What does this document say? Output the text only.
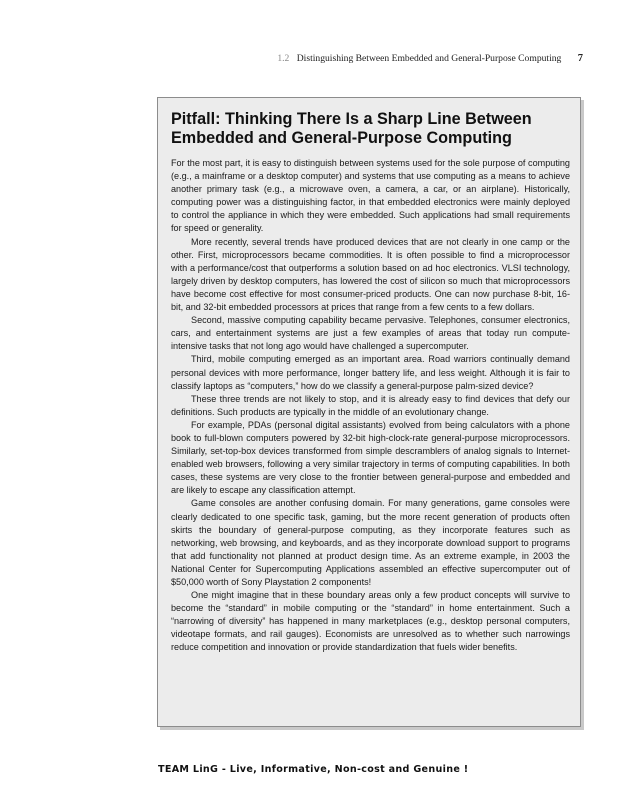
1.2 Distinguishing Between Embedded and General-Purpose Computing 7
Pitfall: Thinking There Is a Sharp Line Between
Embedded and General-Purpose Computing

For the most part, it is easy to distinguish between systems used for the sole purpose of computing (e.g., a mainframe or a desktop computer) and systems that use computing as a means to achieve another primary task (e.g., a microwave oven, a camera, a car, or an airplane). Historically, computing power was a distinguishing factor, in that embedded electronics were mainly deployed to control the appliance in which they were embedded. Such applications had small requirements for speed or generality.

More recently, several trends have produced devices that are not clearly in one camp or the other. First, microprocessors became commodities. It is often possible to find a microprocessor with a performance/cost that outperforms a solution based on ad hoc electronics. VLSI technology, largely driven by desktop computers, has lowered the cost of silicon so much that microprocessors have become cost effective for most consumer-priced products. One can now purchase 8-bit, 16-bit, and 32-bit embedded processors at prices that range from a few cents to a few dollars.

Second, massive computing capability became pervasive. Telephones, consumer electronics, cars, and entertainment systems are just a few examples of areas that today run compute-intensive tasks that not long ago would have challenged a supercomputer.

Third, mobile computing emerged as an important area. Road warriors continually demand personal devices with more performance, longer battery life, and less weight. Although it is fair to classify laptops as “computers,” how do we classify a general-purpose palm-sized device?

These three trends are not likely to stop, and it is already easy to find devices that defy our definitions. Such products are typically in the middle of an evolutionary change.

For example, PDAs (personal digital assistants) evolved from being calculators with a phone book to full-blown computers powered by 32-bit high-clock-rate general-purpose microprocessors. Similarly, set-top-box devices transformed from simple descramblers of analog signals to Internet-enabled web browsers, following a very similar trajectory in terms of computing capabilities. In both cases, these systems are very close to the frontier between general-purpose and embedded and are likely to escape any classification attempt.

Game consoles are another confusing domain. For many generations, game consoles were clearly dedicated to one specific task, gaming, but the more recent generation of products often skirts the boundary of general-purpose computing, as they incorporate features such as networking, web browsing, and keyboards, and as they incorporate download support to programs that add functionality not planned at product design time. As an extreme example, in 2003 the National Center for Supercomputing Applications assembled an effective supercomputer out of $50,000 worth of Sony Playstation 2 components!

One might imagine that in these boundary areas only a few product concepts will survive to become the “standard” in mobile computing or the “standard” in home entertainment. Such a “narrowing of diversity” has happened in many marketplaces (e.g., desktop personal computers, videotape formats, and rail gauges). Economists are unresolved as to whether such narrowings reduce competition and innovation or provide standardization that fuels wider benefits.

TEAM LinG - Live, Informative, Non-cost and Genuine !
